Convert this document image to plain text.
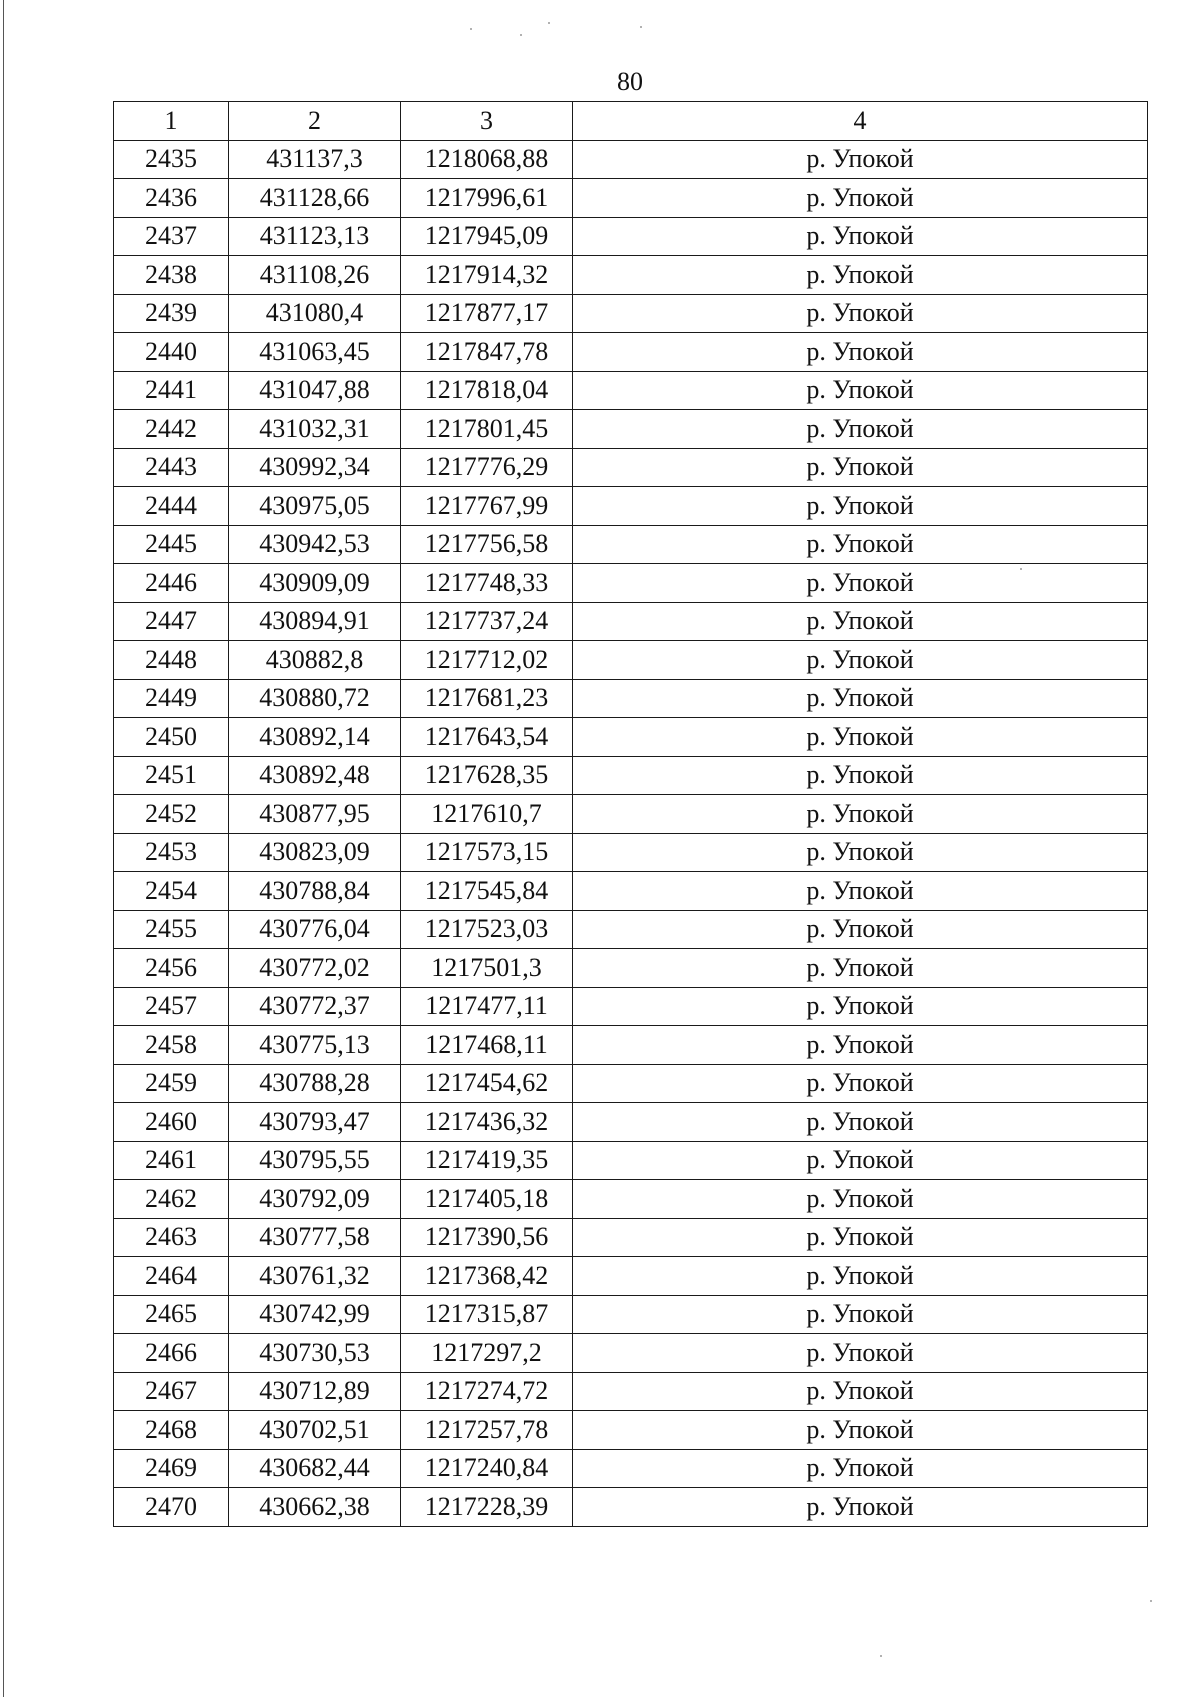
80
1	2	3	4
2435	431137,3	1218068,88	р. Упокой
2436	431128,66	1217996,61	р. Упокой
2437	431123,13	1217945,09	р. Упокой
2438	431108,26	1217914,32	р. Упокой
2439	431080,4	1217877,17	р. Упокой
2440	431063,45	1217847,78	р. Упокой
2441	431047,88	1217818,04	р. Упокой
2442	431032,31	1217801,45	р. Упокой
2443	430992,34	1217776,29	р. Упокой
2444	430975,05	1217767,99	р. Упокой
2445	430942,53	1217756,58	р. Упокой
2446	430909,09	1217748,33	р. Упокой
2447	430894,91	1217737,24	р. Упокой
2448	430882,8	1217712,02	р. Упокой
2449	430880,72	1217681,23	р. Упокой
2450	430892,14	1217643,54	р. Упокой
2451	430892,48	1217628,35	р. Упокой
2452	430877,95	1217610,7	р. Упокой
2453	430823,09	1217573,15	р. Упокой
2454	430788,84	1217545,84	р. Упокой
2455	430776,04	1217523,03	р. Упокой
2456	430772,02	1217501,3	р. Упокой
2457	430772,37	1217477,11	р. Упокой
2458	430775,13	1217468,11	р. Упокой
2459	430788,28	1217454,62	р. Упокой
2460	430793,47	1217436,32	р. Упокой
2461	430795,55	1217419,35	р. Упокой
2462	430792,09	1217405,18	р. Упокой
2463	430777,58	1217390,56	р. Упокой
2464	430761,32	1217368,42	р. Упокой
2465	430742,99	1217315,87	р. Упокой
2466	430730,53	1217297,2	р. Упокой
2467	430712,89	1217274,72	р. Упокой
2468	430702,51	1217257,78	р. Упокой
2469	430682,44	1217240,84	р. Упокой
2470	430662,38	1217228,39	р. Упокой
